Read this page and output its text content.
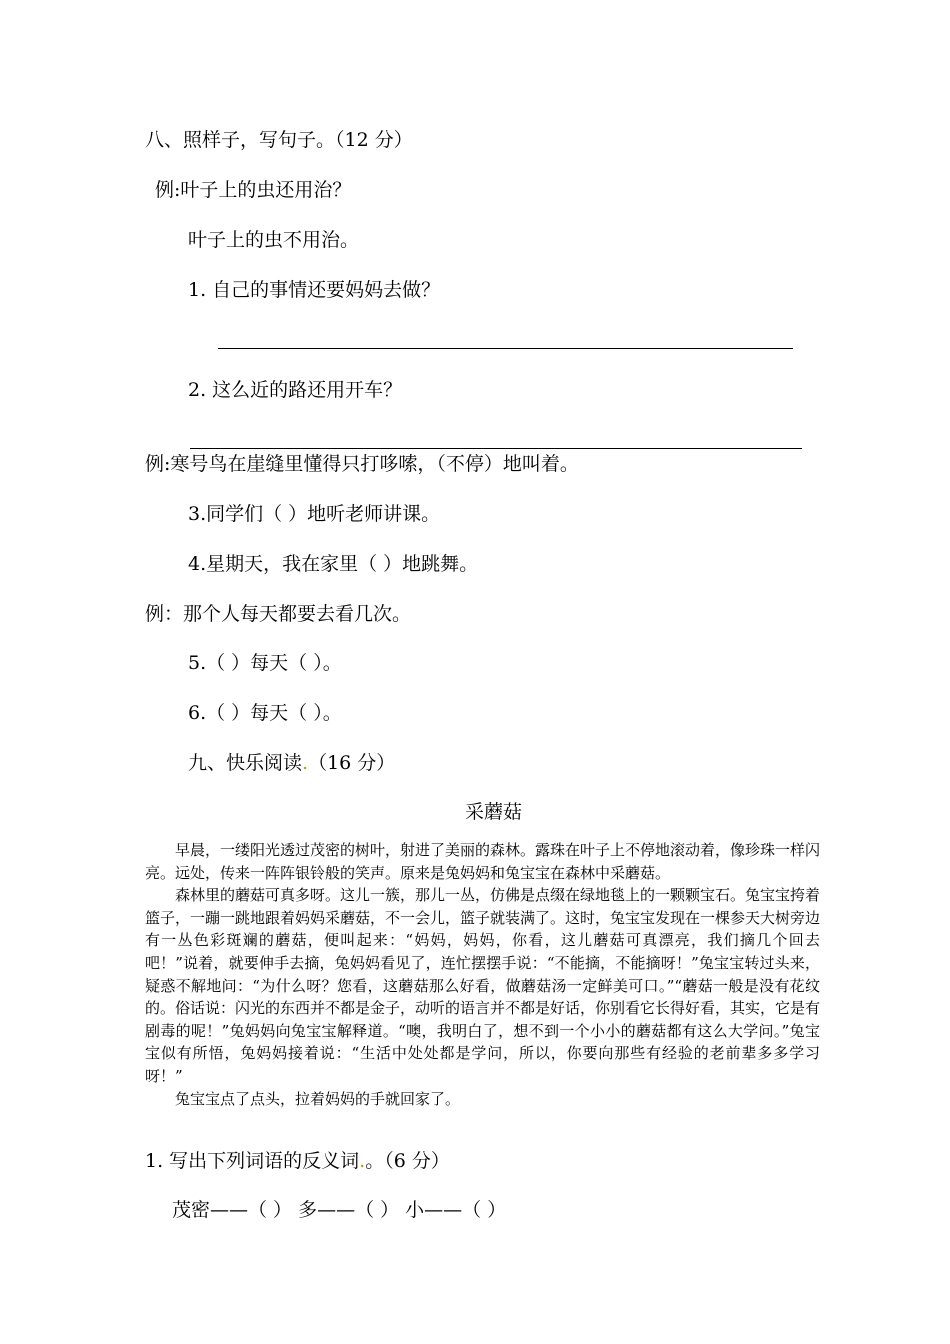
八、照样子，写句子。（12 分）
例:叶子上的虫还用治？
叶子上的虫不用治。
1. 自己的事情还要妈妈去做？
2. 这么近的路还用开车？
例:寒号鸟在崖缝里懂得只打哆嗦，（不停）地叫着。
3.同学们（ ）地听老师讲课。
4.星期天，我在家里（ ）地跳舞。
例：那个人每天都要去看几次。
5.（ ）每天（ ）。
6.（ ）每天（ ）。
九、快乐阅读.（16 分）
采蘑菇

早晨，一缕阳光透过茂密的树叶，射进了美丽的森林。露珠在叶子上不停地滚动着，像珍珠一样闪亮。远处，传来一阵阵银铃般的笑声。原来是兔妈妈和兔宝宝在森林中采蘑菇。

森林里的蘑菇可真多呀。这儿一簇，那儿一丛，仿佛是点缀在绿地毯上的一颗颗宝石。兔宝宝挎着篮子，一蹦一跳地跟着妈妈采蘑菇，不一会儿，篮子就装满了。这时，兔宝宝发现在一棵参天大树旁边有一丛色彩斑斓的蘑菇，便叫起来：“妈妈，妈妈，你看，这儿蘑菇可真漂亮，我们摘几个回去吧！”说着，就要伸手去摘，兔妈妈看见了，连忙摆摆手说：“不能摘，不能摘呀！”兔宝宝转过头来，疑惑不解地问：“为什么呀？您看，这蘑菇那么好看，做蘑菇汤一定鲜美可口。”“蘑菇一般是没有花纹的。俗话说：闪光的东西并不都是金子，动听的语言并不都是好话，你别看它长得好看，其实，它是有剧毒的呢！”兔妈妈向兔宝宝解释道。“噢，我明白了，想不到一个小小的蘑菇都有这么大学问。”兔宝宝似有所悟，兔妈妈接着说：“生活中处处都是学问，所以，你要向那些有经验的老前辈多多学习呀！”

兔宝宝点了点头，拉着妈妈的手就回家了。

1. 写出下列词语的反义词.。（6 分）
茂密——（ ） 多——（ ） 小——（ ）
